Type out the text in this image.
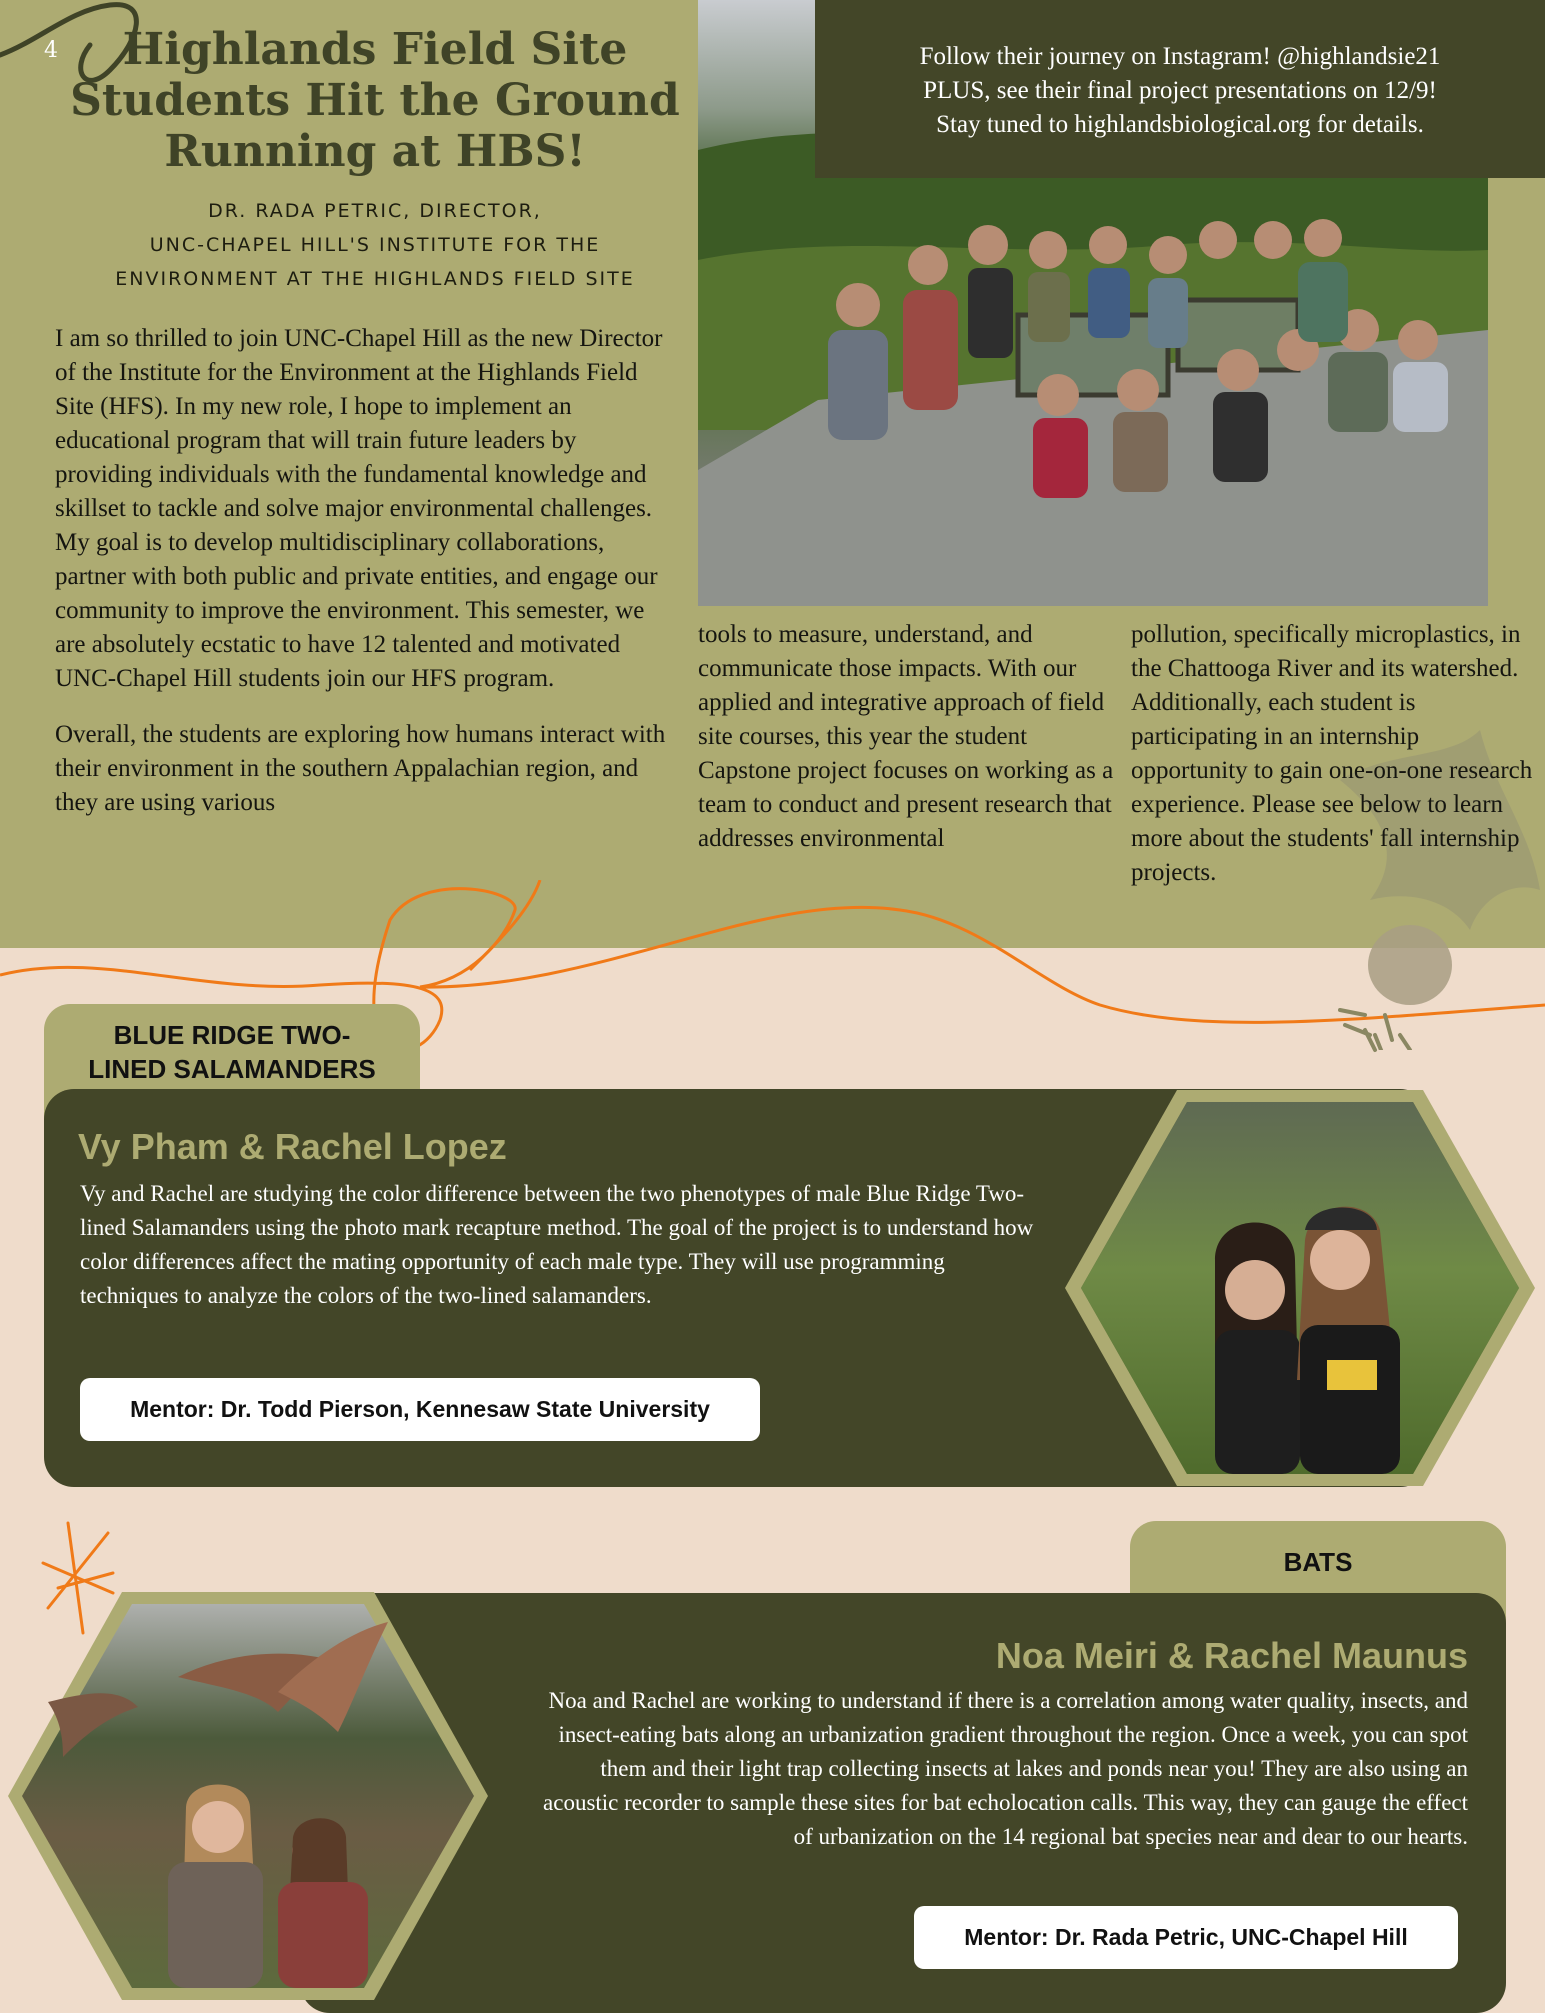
4	Highlands Field Site
Students Hit the Ground
Running at HBS!
DR. RADA PETRIC, DIRECTOR,
UNC-CHAPEL HILL'S INSTITUTE FOR THE
ENVIRONMENT AT THE HIGHLANDS FIELD SITE

I am so thrilled to join UNC-Chapel Hill as the new Director of the Institute for the Environment at the Highlands Field Site (HFS). In my new role, I hope to implement an educational program that will train future leaders by providing individuals with the fundamental knowledge and skillset to tackle and solve major environmental challenges. My goal is to develop multidisciplinary collaborations, partner with both public and private entities, and engage our community to improve the environment. This semester, we are absolutely ecstatic to have 12 talented and motivated UNC-Chapel Hill students join our HFS program.

Overall, the students are exploring how humans interact with their environment in the southern Appalachian region, and they are using various

Follow their journey on Instagram! @highlandsie21
PLUS, see their final project presentations on 12/9!
Stay tuned to highlandsbiological.org for details.

tools to measure, understand, and communicate those impacts. With our applied and integrative approach of field site courses, this year the student Capstone project focuses on working as a team to conduct and present research that addresses environmental

pollution, specifically microplastics, in the Chattooga River and its watershed. Additionally, each student is participating in an internship opportunity to gain one-on-one research experience. Please see below to learn more about the students' fall internship projects.

BLUE RIDGE TWO-
LINED SALAMANDERS
Vy Pham & Rachel Lopez
Vy and Rachel are studying the color difference between the two phenotypes of male Blue Ridge Two-lined Salamanders using the photo mark recapture method. The goal of the project is to understand how color differences affect the mating opportunity of each male type. They will use programming techniques to analyze the colors of the two-lined salamanders.
Mentor: Dr. Todd Pierson, Kennesaw State University
BATS
Noa Meiri & Rachel Maunus
Noa and Rachel are working to understand if there is a correlation among water quality, insects, and insect-eating bats along an urbanization gradient throughout the region. Once a week, you can spot them and their light trap collecting insects at lakes and ponds near you! They are also using an acoustic recorder to sample these sites for bat echolocation calls. This way, they can gauge the effect of urbanization on the 14 regional bat species near and dear to our hearts.
Mentor: Dr. Rada Petric, UNC-Chapel Hill
